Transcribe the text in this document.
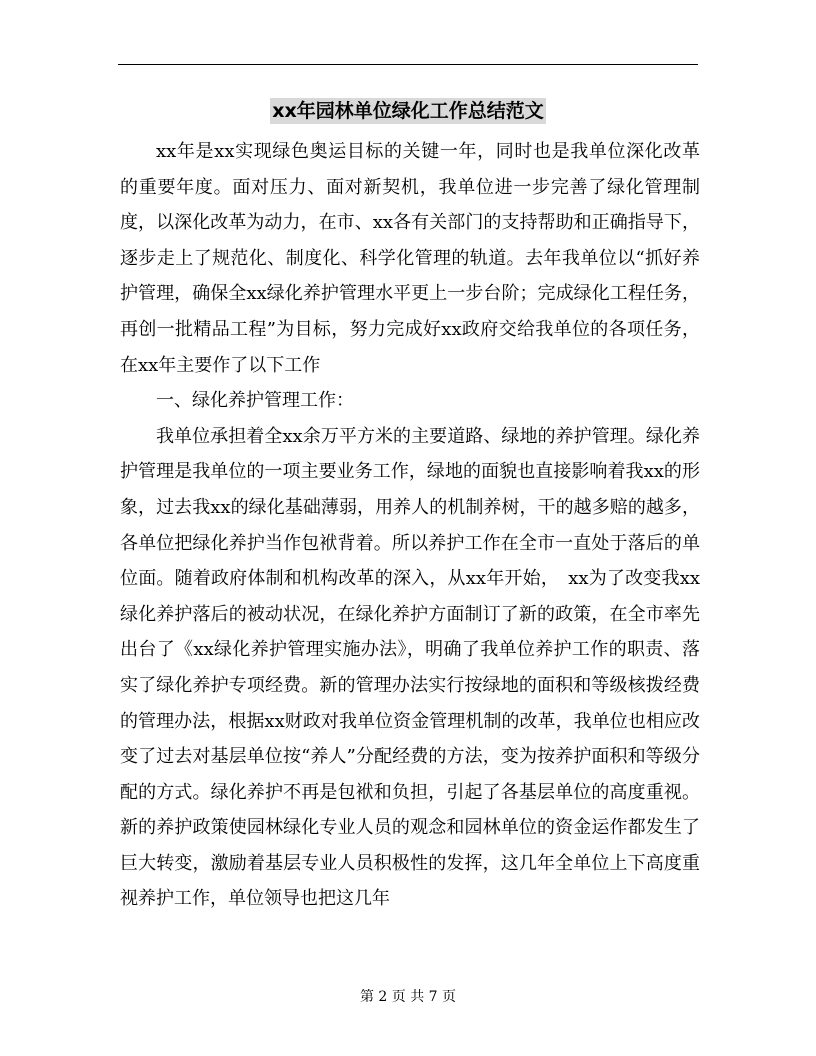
xx年园林单位绿化工作总结范文

xx年是xx实现绿色奥运目标的关键一年，同时也是我单位深化改革的重要年度。面对压力、面对新契机，我单位进一步完善了绿化管理制度，以深化改革为动力，在市、xx各有关部门的支持帮助和正确指导下，逐步走上了规范化、制度化、科学化管理的轨道。去年我单位以“抓好养护管理，确保全xx绿化养护管理水平更上一步台阶；完成绿化工程任务，再创一批精品工程”为目标，努力完成好xx政府交给我单位的各项任务，在xx年主要作了以下工作

一、绿化养护管理工作：

我单位承担着全xx余万平方米的主要道路、绿地的养护管理。绿化养护管理是我单位的一项主要业务工作，绿地的面貌也直接影响着我xx的形象，过去我xx的绿化基础薄弱，用养人的机制养树，干的越多赔的越多，各单位把绿化养护当作包袱背着。所以养护工作在全市一直处于落后的单位面。随着政府体制和机构改革的深入，从xx年开始，　xx为了改变我xx绿化养护落后的被动状况，在绿化养护方面制订了新的政策，在全市率先出台了《xx绿化养护管理实施办法》，明确了我单位养护工作的职责、落实了绿化养护专项经费。新的管理办法实行按绿地的面积和等级核拨经费的管理办法，根据xx财政对我单位资金管理机制的改革，我单位也相应改变了过去对基层单位按“养人”分配经费的方法，变为按养护面积和等级分配的方式。绿化养护不再是包袱和负担，引起了各基层单位的高度重视。新的养护政策使园林绿化专业人员的观念和园林单位的资金运作都发生了巨大转变，激励着基层专业人员积极性的发挥，这几年全单位上下高度重视养护工作，单位领导也把这几年

第 2 页 共 7 页
